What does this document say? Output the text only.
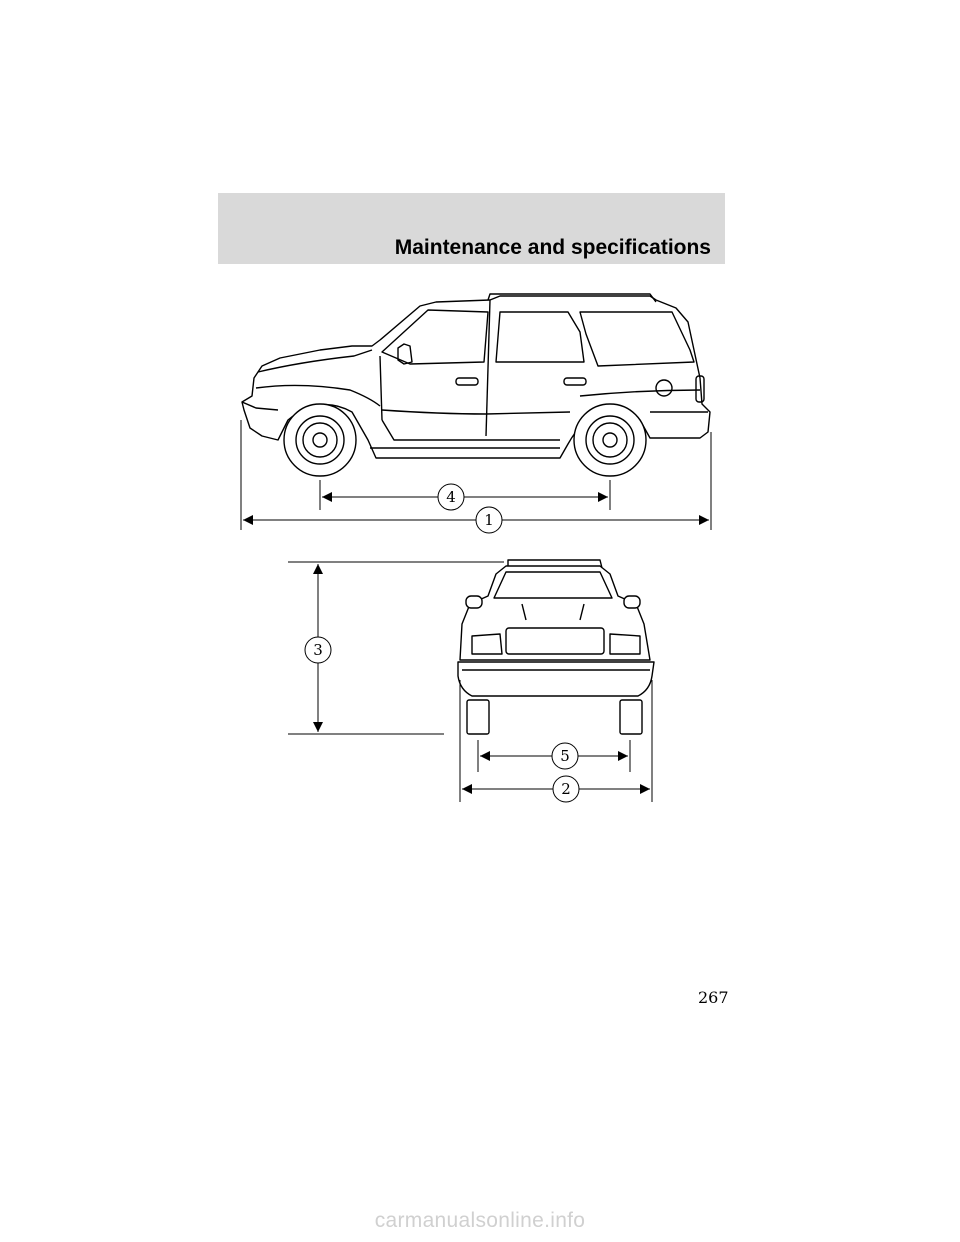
Maintenance and specifications
4
1
3
5
2
267
carmanualsonline.info
